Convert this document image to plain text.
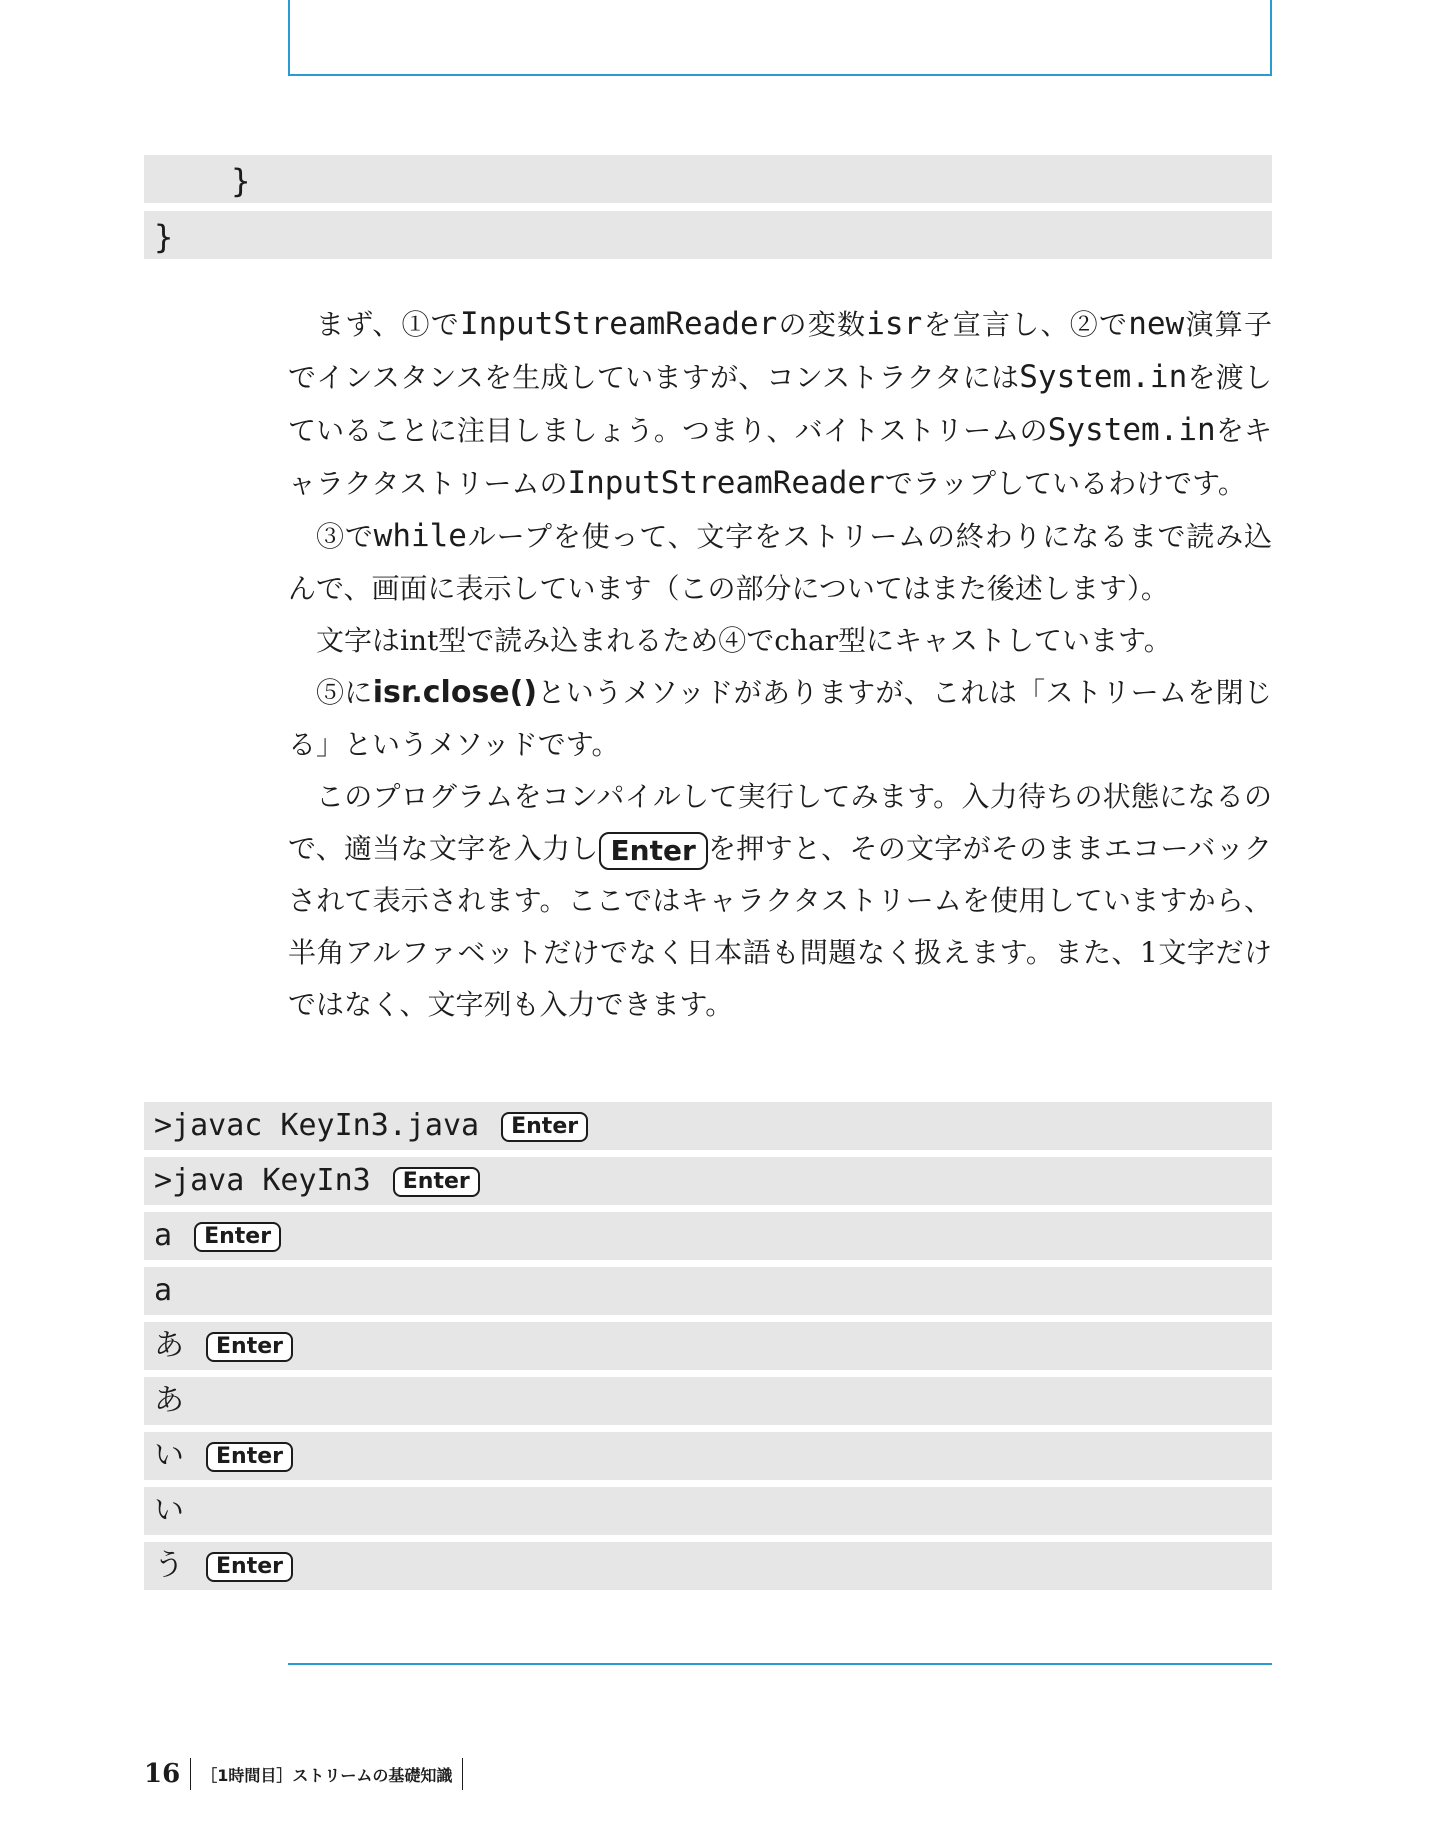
}
}

まず、①でInputStreamReaderの変数isrを宣言し、②でnew演算子でインスタンスを生成していますが、コンストラクタにはSystem.inを渡していることに注目しましょう。つまり、バイトストリームのSystem.inをキャラクタストリームのInputStreamReaderでラップしているわけです。

③でwhileループを使って、文字をストリームの終わりになるまで読み込んで、画面に表示しています（この部分についてはまた後述します）。

文字はint型で読み込まれるため④でchar型にキャストしています。

⑤にisr.close()というメソッドがありますが、これは「ストリームを閉じる」というメソッドです。

このプログラムをコンパイルして実行してみます。入力待ちの状態になるので、適当な文字を入力し Enter を押すと、その文字がそのままエコーバックされて表示されます。ここではキャラクタストリームを使用していますから、半角アルファベットだけでなく日本語も問題なく扱えます。また、1文字だけではなく、文字列も入力できます。

>javac KeyIn3.java Enter
>java KeyIn3 Enter
a Enter
a
あ Enter
あ
い Enter
い
う Enter
16 ［1時間目］ストリームの基礎知識
